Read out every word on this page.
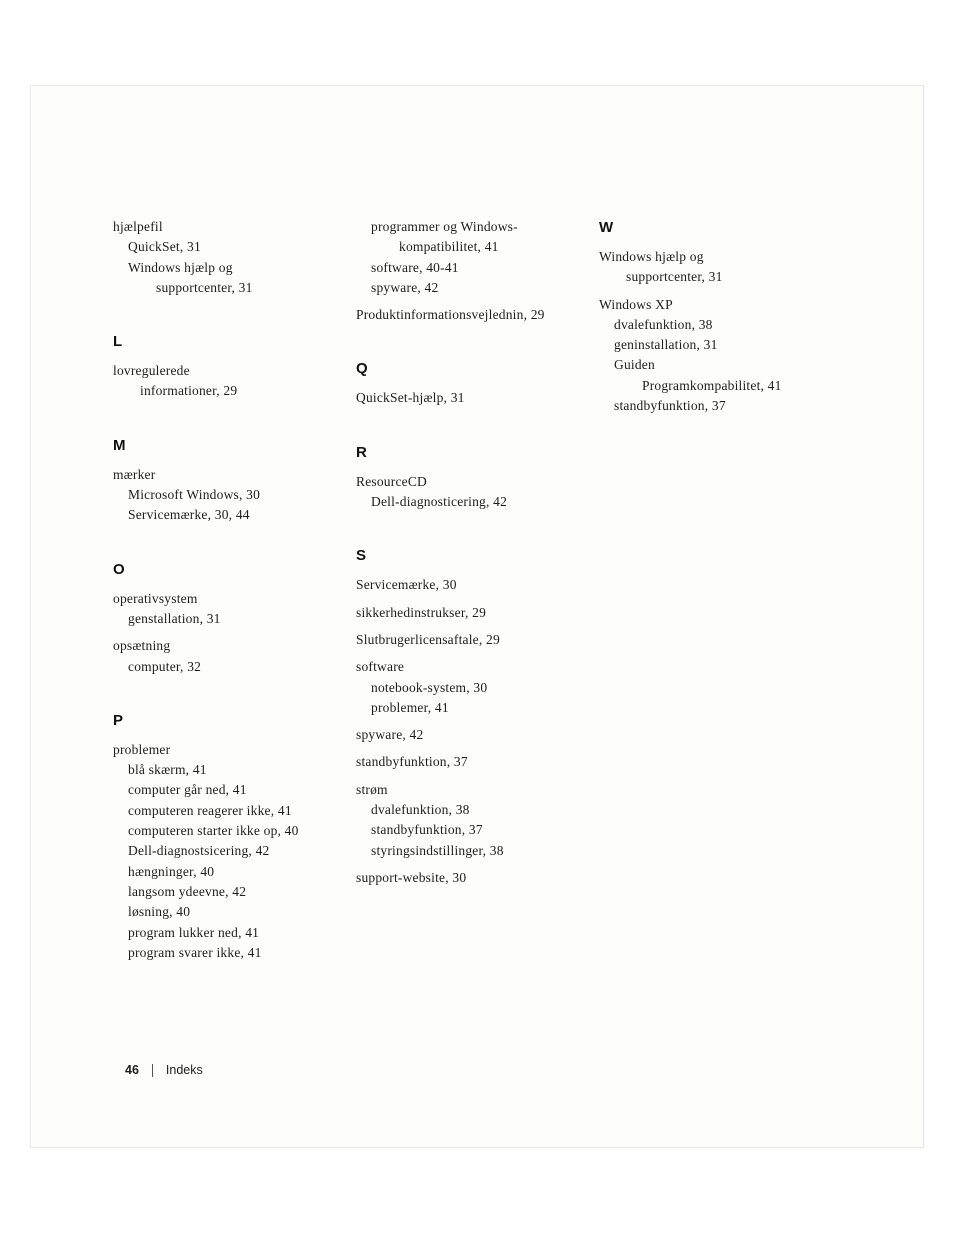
hjælpefil
QuickSet, 31
Windows hjælp og
supportcenter, 31
L
lovregulerede
informationer, 29
M
mærker
Microsoft Windows, 30
Servicemærke, 30, 44
O
operativsystem
genstallation, 31
opsætning
computer, 32
P
problemer
blå skærm, 41
computer går ned, 41
computeren reagerer ikke, 41
computeren starter ikke op, 40
Dell-diagnostsicering, 42
hængninger, 40
langsom ydeevne, 42
løsning, 40
program lukker ned, 41
program svarer ikke, 41
programmer og Windows-
kompatibilitet, 41
software, 40-41
spyware, 42
Produktinformationsvejlednin, 29
Q
QuickSet-hjælp, 31
R
ResourceCD
Dell-diagnosticering, 42
S
Servicemærke, 30
sikkerhedinstrukser, 29
Slutbrugerlicensaftale, 29
software
notebook-system, 30
problemer, 41
spyware, 42
standbyfunktion, 37
strøm
dvalefunktion, 38
standbyfunktion, 37
styringsindstillinger, 38
support-website, 30
W
Windows hjælp og
supportcenter, 31
Windows XP
dvalefunktion, 38
geninstallation, 31
Guiden
Programkompabilitet, 41
standbyfunktion, 37
46 Indeks
